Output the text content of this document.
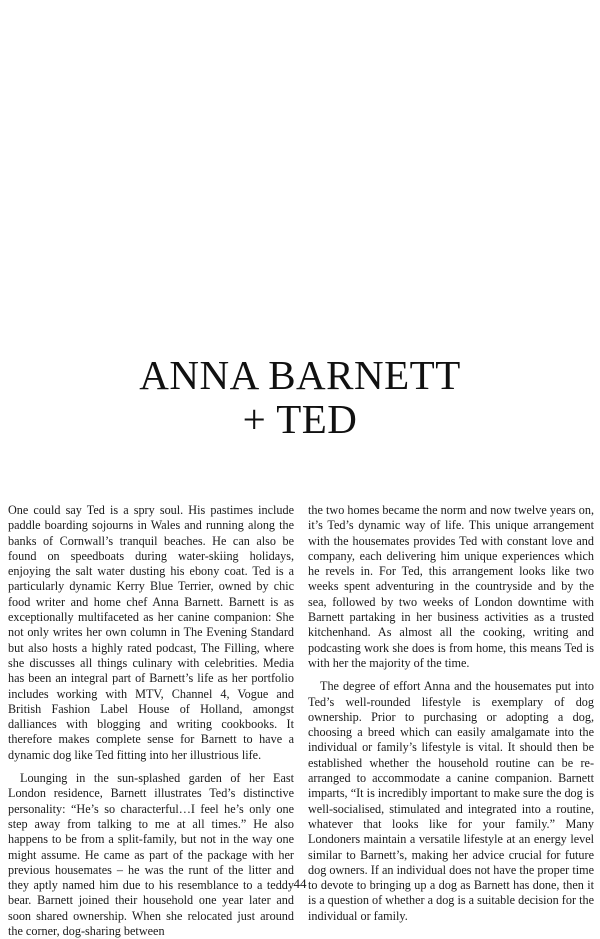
ANNA BARNETT
+ TED

One could say Ted is a spry soul. His pastimes include paddle boarding sojourns in Wales and running along the banks of Cornwall’s tranquil beaches. He can also be found on speedboats during water-skiing holidays, enjoying the salt water dusting his ebony coat. Ted is a particularly dynamic Kerry Blue Terrier, owned by chic food writer and home chef Anna Barnett. Barnett is as exceptionally multifaceted as her canine companion: She not only writes her own column in The Evening Standard but also hosts a highly rated podcast, The Filling, where she discusses all things culinary with celebrities. Media has been an integral part of Barnett’s life as her portfolio includes working with MTV, Channel 4, Vogue and British Fashion Label House of Holland, amongst dalliances with blogging and writing cookbooks. It therefore makes complete sense for Barnett to have a dynamic dog like Ted fitting into her illustrious life.

Lounging in the sun-splashed garden of her East London residence, Barnett illustrates Ted’s distinctive personality: “He’s so characterful…I feel he’s only one step away from talking to me at all times.” He also happens to be from a split-family, but not in the way one might assume. He came as part of the package with her previous housemates – he was the runt of the litter and they aptly named him due to his resemblance to a teddy bear. Barnett joined their household one year later and soon shared ownership. When she relocated just around the corner, dog-sharing between

the two homes became the norm and now twelve years on, it’s Ted’s dynamic way of life. This unique arrangement with the housemates provides Ted with constant love and company, each delivering him unique experiences which he revels in. For Ted, this arrangement looks like two weeks spent adventuring in the countryside and by the sea, followed by two weeks of London downtime with Barnett partaking in her business activities as a trusted kitchenhand. As almost all the cooking, writing and podcasting work she does is from home, this means Ted is with her the majority of the time.

The degree of effort Anna and the housemates put into Ted’s well-rounded lifestyle is exemplary of dog ownership. Prior to purchasing or adopting a dog, choosing a breed which can easily amalgamate into the individual or family’s lifestyle is vital. It should then be established whether the household routine can be re-arranged to accommodate a canine companion. Barnett imparts, “It is incredibly important to make sure the dog is well-socialised, stimulated and integrated into a routine, whatever that looks like for your family.” Many Londoners maintain a versatile lifestyle at an energy level similar to Barnett’s, making her advice crucial for future dog owners. If an individual does not have the proper time to devote to bringing up a dog as Barnett has done, then it is a question of whether a dog is a suitable decision for the individual or family.

44
